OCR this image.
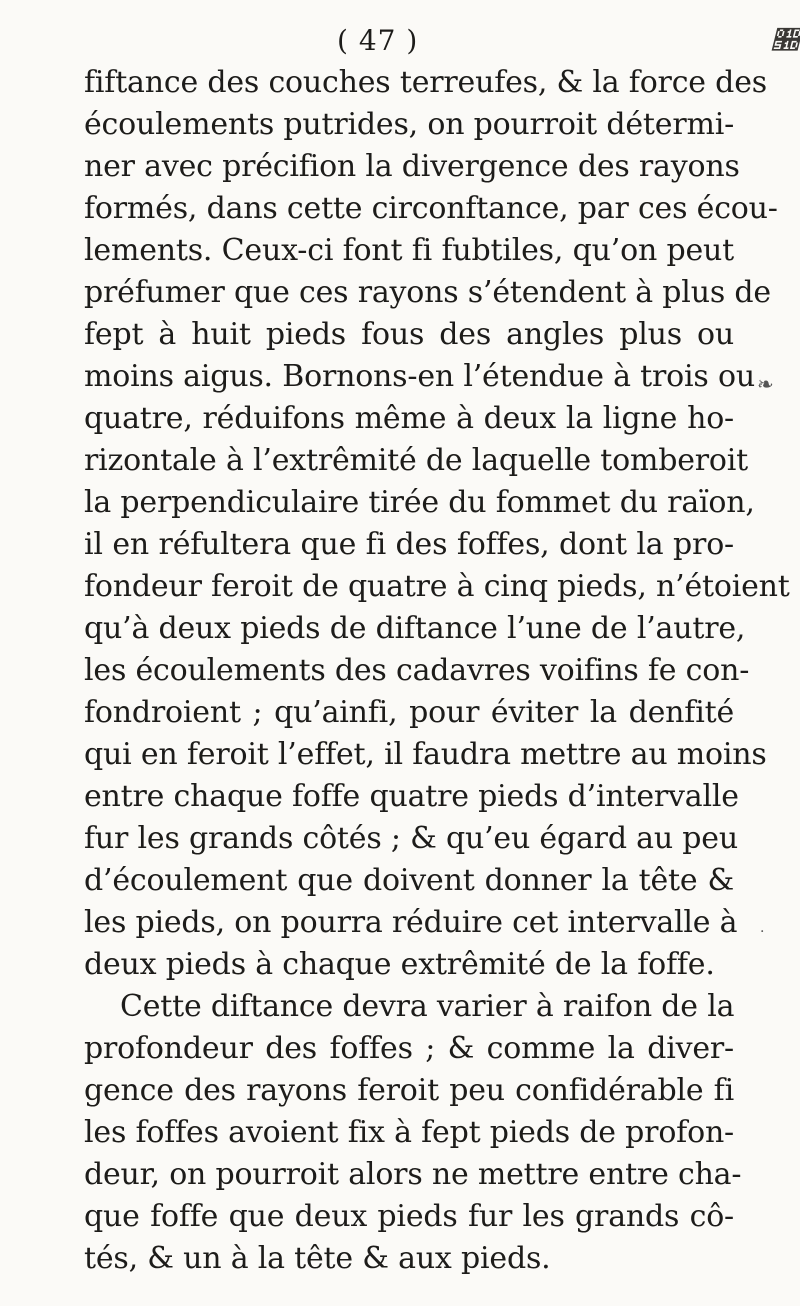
( 47 )	𝔝
❧
·
fiftance des couches terreufes, & la force des
écoulements putrides, on pourroit détermi-
ner avec précifion la divergence des rayons
formés, dans cette circonftance, par ces écou-
lements. Ceux-ci font fi fubtiles, qu’on peut
préfumer que ces rayons s’étendent à plus de
fept à huit pieds fous des angles plus ou
moins aigus. Bornons-en l’étendue à trois ou
quatre, réduifons même à deux la ligne ho-
rizontale à l’extrêmité de laquelle tomberoit
la perpendiculaire tirée du fommet du raïon,
il en réfultera que fi des foffes, dont la pro-
fondeur feroit de quatre à cinq pieds, n’étoient
qu’à deux pieds de diftance l’une de l’autre,
les écoulements des cadavres voifins fe con-
fondroient ; qu’ainfi, pour éviter la denfité
qui en feroit l’effet, il faudra mettre au moins
entre chaque foffe quatre pieds d’intervalle
fur les grands côtés ; & qu’eu égard au peu
d’écoulement que doivent donner la tête &
les pieds, on pourra réduire cet intervalle à
deux pieds à chaque extrêmité de la foffe.
Cette diftance devra varier à raifon de la
profondeur des foffes ; & comme la diver-
gence des rayons feroit peu confidérable fi
les foffes avoient fix à fept pieds de profon-
deur, on pourroit alors ne mettre entre cha-
que foffe que deux pieds fur les grands cô-
tés, & un à la tête & aux pieds.
